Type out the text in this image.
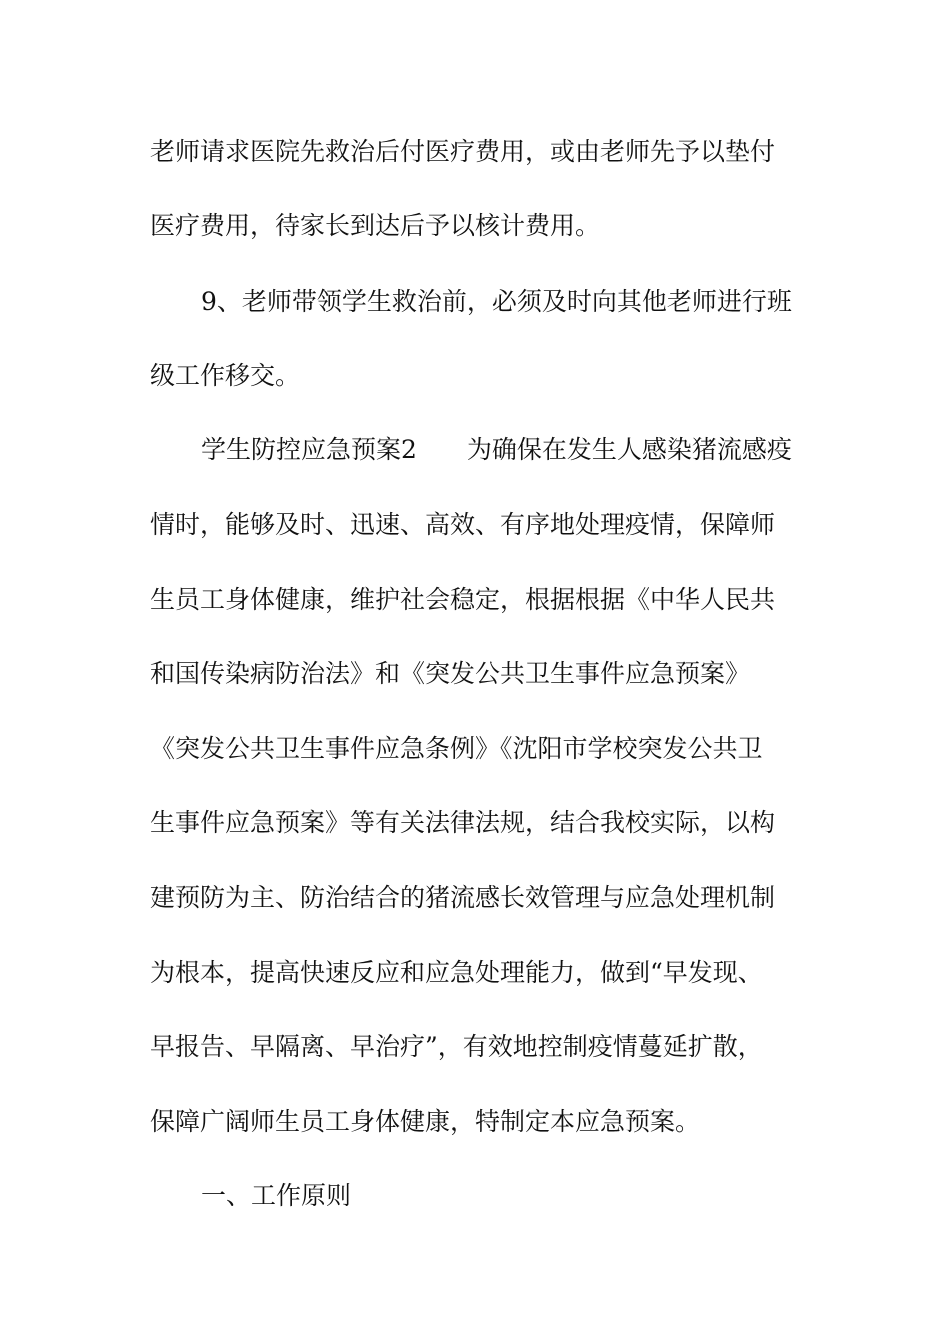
老师请求医院先救治后付医疗费用，或由老师先予以垫付
医疗费用，待家长到达后予以核计费用。
9、老师带领学生救治前，必须及时向其他老师进行班
级工作移交。
学生防控应急预案2　　为确保在发生人感染猪流感疫
情时，能够及时、迅速、高效、有序地处理疫情，保障师
生员工身体健康，维护社会稳定，根据根据《中华人民共
和国传染病防治法》和《突发公共卫生事件应急预案》
《突发公共卫生事件应急条例》《沈阳市学校突发公共卫
生事件应急预案》等有关法律法规，结合我校实际，以构
建预防为主、防治结合的猪流感长效管理与应急处理机制
为根本，提高快速反应和应急处理能力，做到“早发现、
早报告、早隔离、早治疗”，有效地控制疫情蔓延扩散，
保障广阔师生员工身体健康，特制定本应急预案。
一、工作原则
